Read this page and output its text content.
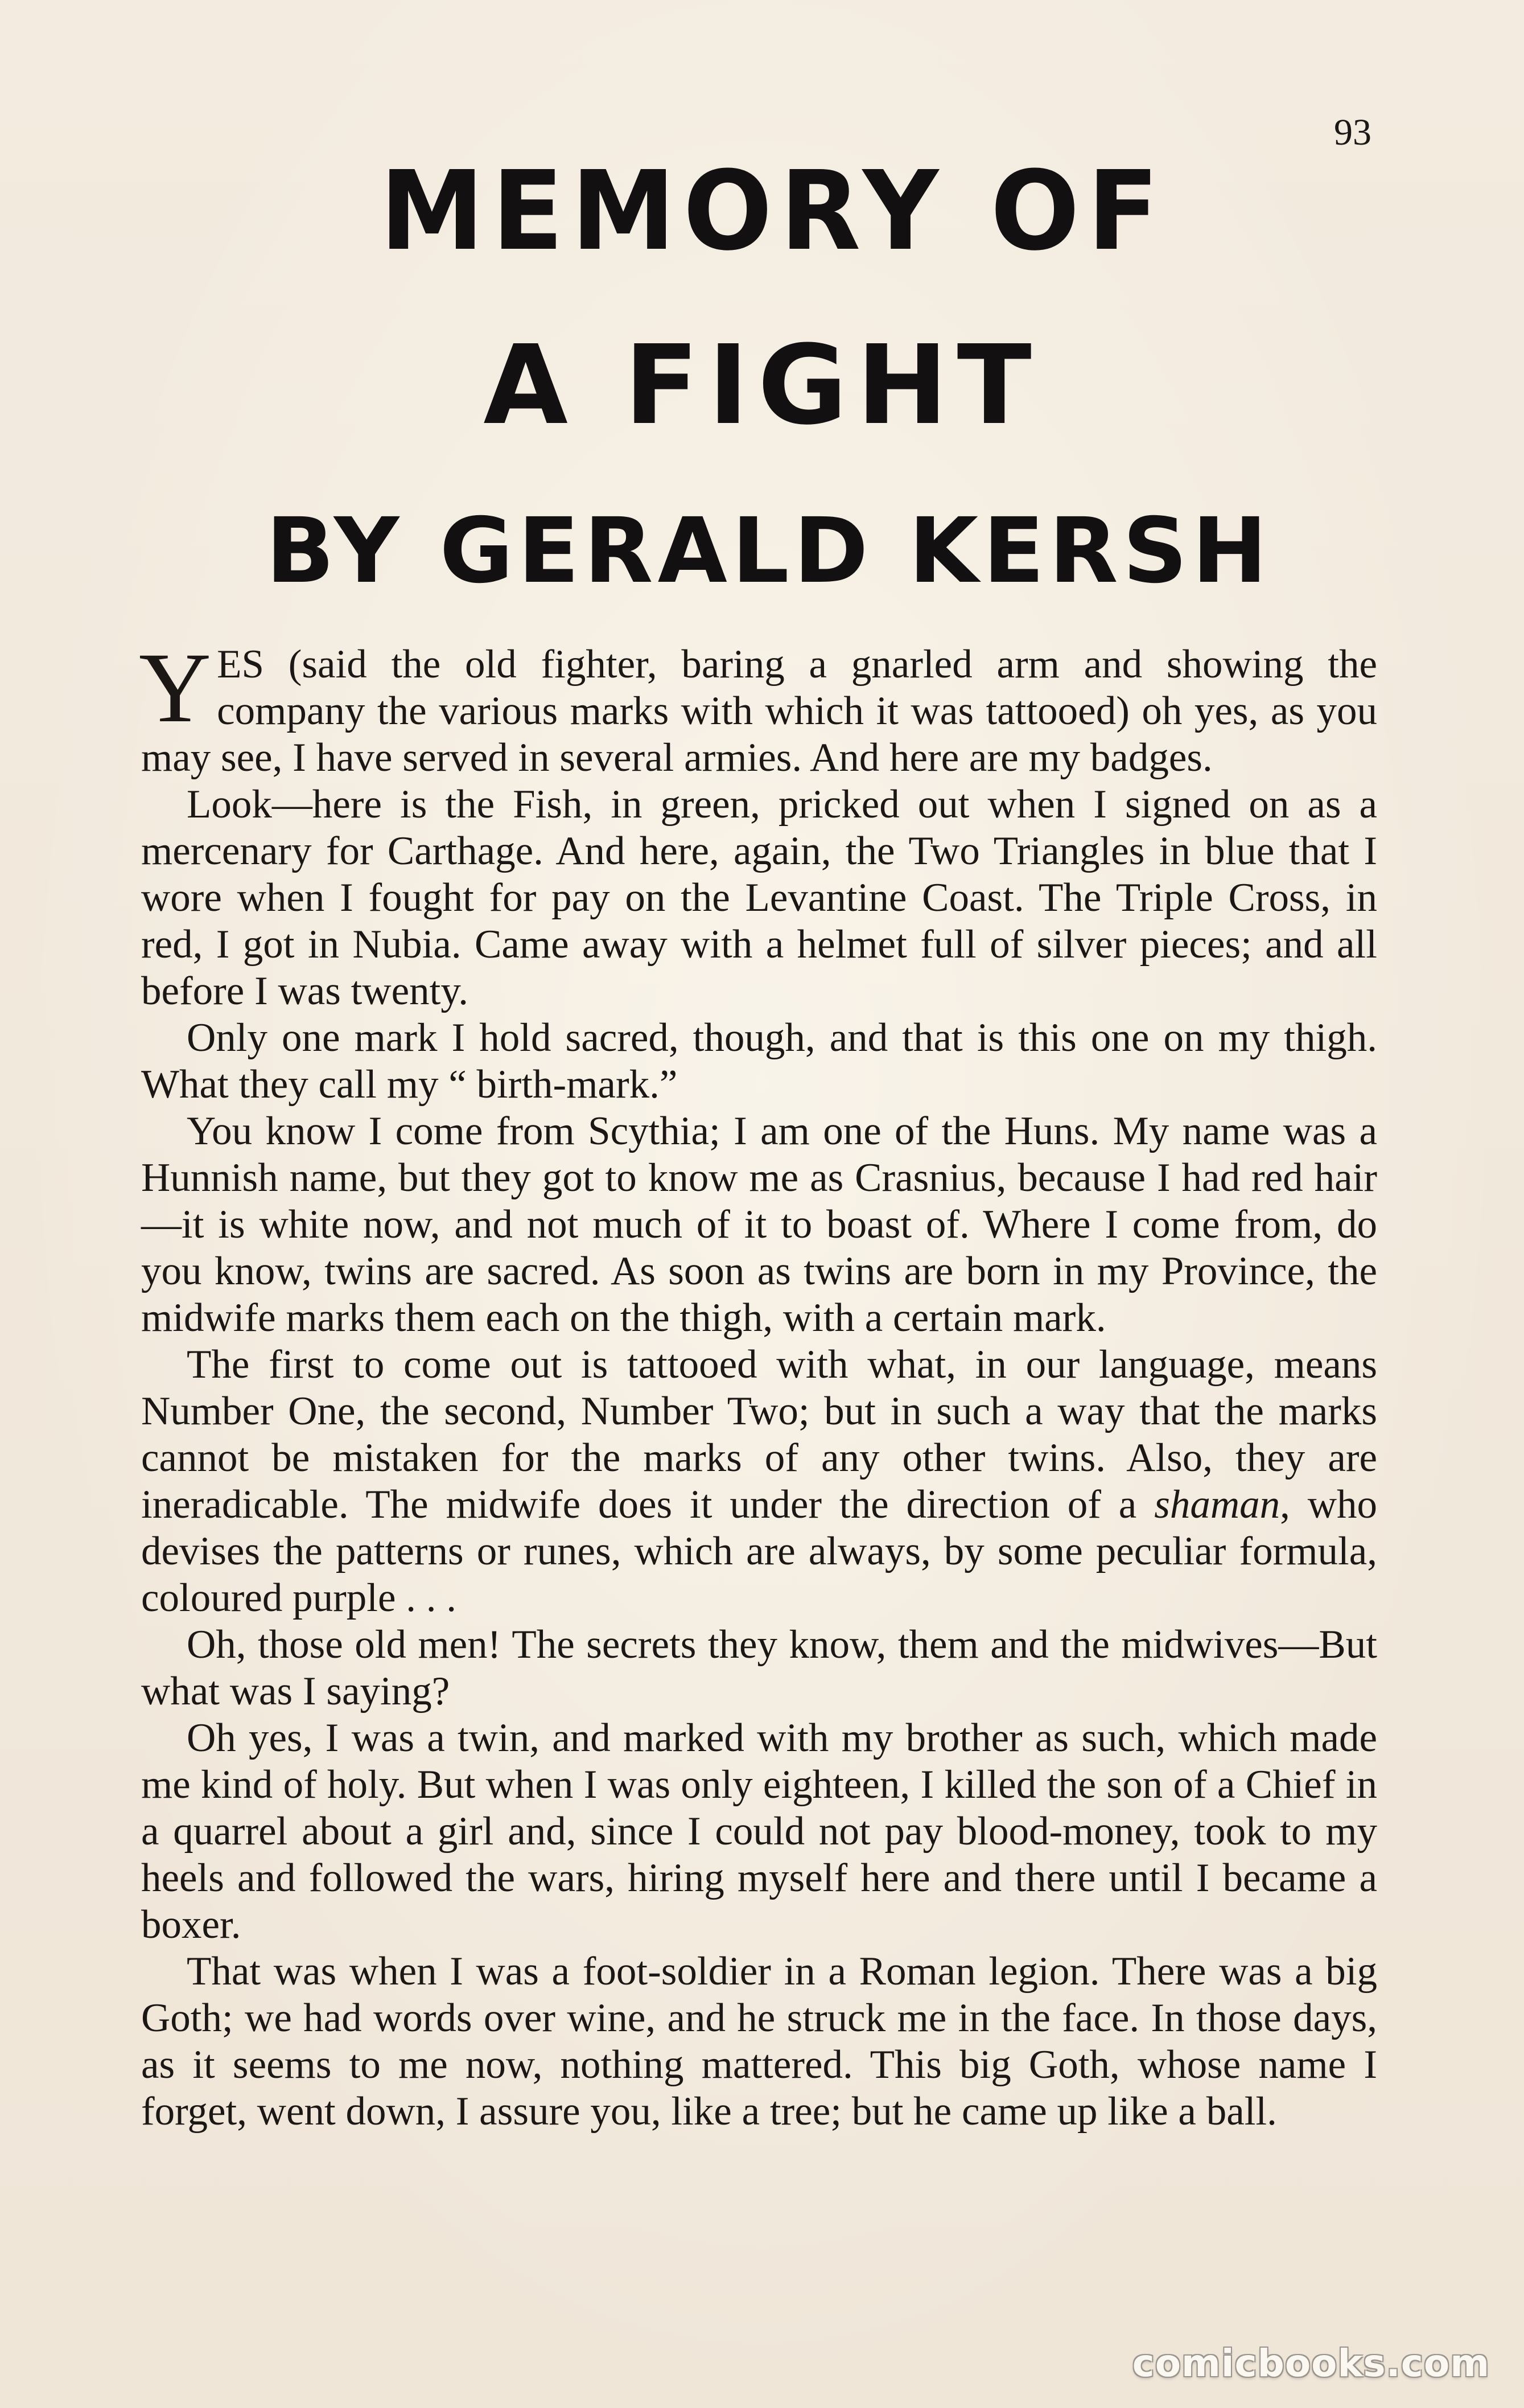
93
MEMORY OF
A FIGHT
BY GERALD KERSH

YES (said the old fighter, baring a gnarled arm and showing the company the various marks with which it was tattooed) oh yes, as you may see, I have served in several armies. And here are my badges.

Look—here is the Fish, in green, pricked out when I signed on as a mercenary for Carthage. And here, again, the Two Triangles in blue that I wore when I fought for pay on the Levantine Coast. The Triple Cross, in red, I got in Nubia. Came away with a helmet full of silver pieces; and all before I was twenty.

Only one mark I hold sacred, though, and that is this one on my thigh. What they call my “ birth-mark.”

You know I come from Scythia; I am one of the Huns. My name was a Hunnish name, but they got to know me as Crasnius, because I had red hair—it is white now, and not much of it to boast of. Where I come from, do you know, twins are sacred. As soon as twins are born in my Province, the midwife marks them each on the thigh, with a certain mark.

The first to come out is tattooed with what, in our language, means Number One, the second, Number Two; but in such a way that the marks cannot be mistaken for the marks of any other twins. Also, they are ineradicable. The midwife does it under the direction of a shaman, who devises the patterns or runes, which are always, by some peculiar formula, coloured purple . . .

Oh, those old men! The secrets they know, them and the midwives—But what was I saying?

Oh yes, I was a twin, and marked with my brother as such, which made me kind of holy. But when I was only eighteen, I killed the son of a Chief in a quarrel about a girl and, since I could not pay blood-money, took to my heels and followed the wars, hiring myself here and there until I became a boxer.

That was when I was a foot-soldier in a Roman legion. There was a big Goth; we had words over wine, and he struck me in the face. In those days, as it seems to me now, nothing mattered. This big Goth, whose name I forget, went down, I assure you, like a tree; but he came up like a ball.

comicbooks.com
